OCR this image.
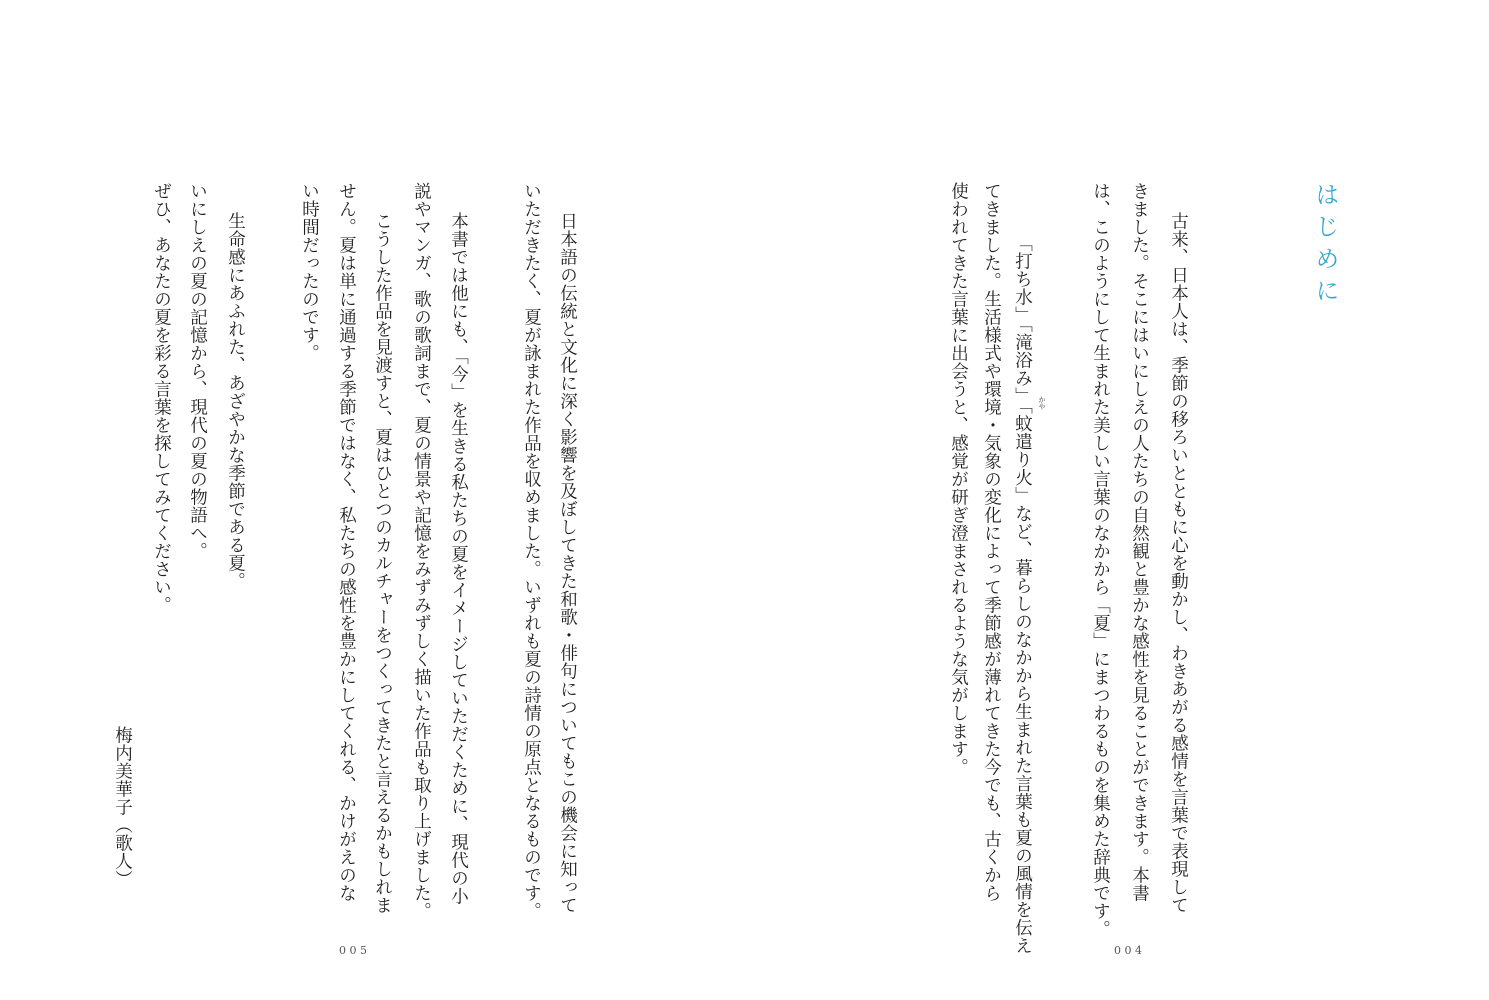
はじめに
古来、日本人は、季節の移ろいとともに心を動かし、わきあがる感情を言葉で表現して
きました。そこにはいにしえの人たちの自然観と豊かな感性を見ることができます。本書
は、このようにして生まれた美しい言葉のなかから「夏」にまつわるものを集めた辞典です。
「打ち水」「滝浴み」「蚊遣り火」など、暮らしのなかから生まれた言葉も夏の風情を伝え
てきました。生活様式や環境・気象の変化によって季節感が薄れてきた今でも、古くから
使われてきた言葉に出会うと、感覚が研ぎ澄まされるような気がします。	かや
004
日本語の伝統と文化に深く影響を及ぼしてきた和歌・俳句についてもこの機会に知って
いただきたく、夏が詠まれた作品を収めました。いずれも夏の詩情の原点となるものです。
本書では他にも、「今」を生きる私たちの夏をイメージしていただくために、現代の小
説やマンガ、歌の歌詞まで、夏の情景や記憶をみずみずしく描いた作品も取り上げました。
こうした作品を見渡すと、夏はひとつのカルチャーをつくってきたと言えるかもしれま
せん。夏は単に通過する季節ではなく、私たちの感性を豊かにしてくれる、かけがえのな
い時間だったのです。
生命感にあふれた、あざやかな季節である夏。
いにしえの夏の記憶から、現代の夏の物語へ。
ぜひ、あなたの夏を彩る言葉を探してみてください。
梅内美華子（歌人）
005
